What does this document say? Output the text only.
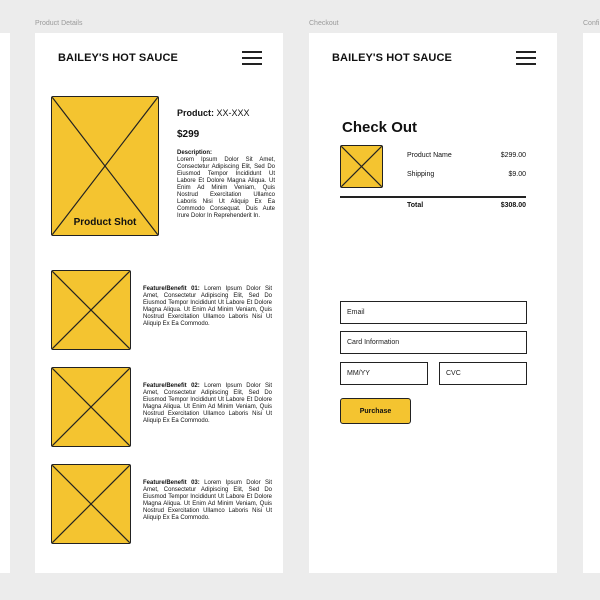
Product Details	Checkout	Confi
BAILEY'S HOT SAUCE
Product Shot
Product: XX-XXX
$299
Description:
Lorem Ipsum Dolor Sit Amet, Consectetur Adipiscing Elit, Sed Do Eiusmod Tempor Incididunt Ut Labore Et Dolore Magna Aliqua. Ut Enim Ad Minim Veniam, Quis Nostrud Exercitation Ullamco Laboris Nisi Ut Aliquip Ex Ea Commodo Consequat. Duis Aute Irure Dolor In Reprehenderit In.
Feature/Benefit 01: Lorem Ipsum Dolor Sit Amet, Consectetur Adipiscing Elit, Sed Do Eiusmod Tempor Incididunt Ut Labore Et Dolore Magna Aliqua. Ut Enim Ad Minim Veniam, Quis Nostrud Exercitation Ullamco Laboris Nisi Ut Aliquip Ex Ea Commodo.
Feature/Benefit 02: Lorem Ipsum Dolor Sit Amet, Consectetur Adipiscing Elit, Sed Do Eiusmod Tempor Incididunt Ut Labore Et Dolore Magna Aliqua. Ut Enim Ad Minim Veniam, Quis Nostrud Exercitation Ullamco Laboris Nisi Ut Aliquip Ex Ea Commodo.
Feature/Benefit 03: Lorem Ipsum Dolor Sit Amet, Consectetur Adipiscing Elit, Sed Do Eiusmod Tempor Incididunt Ut Labore Et Dolore Magna Aliqua. Ut Enim Ad Minim Veniam, Quis Nostrud Exercitation Ullamco Laboris Nisi Ut Aliquip Ex Ea Commodo.
BAILEY'S HOT SAUCE
Check Out
Product Name	$299.00
Shipping	$9.00
Total	$308.00
Email
Card Information
MM/YY	CVC
Purchase
